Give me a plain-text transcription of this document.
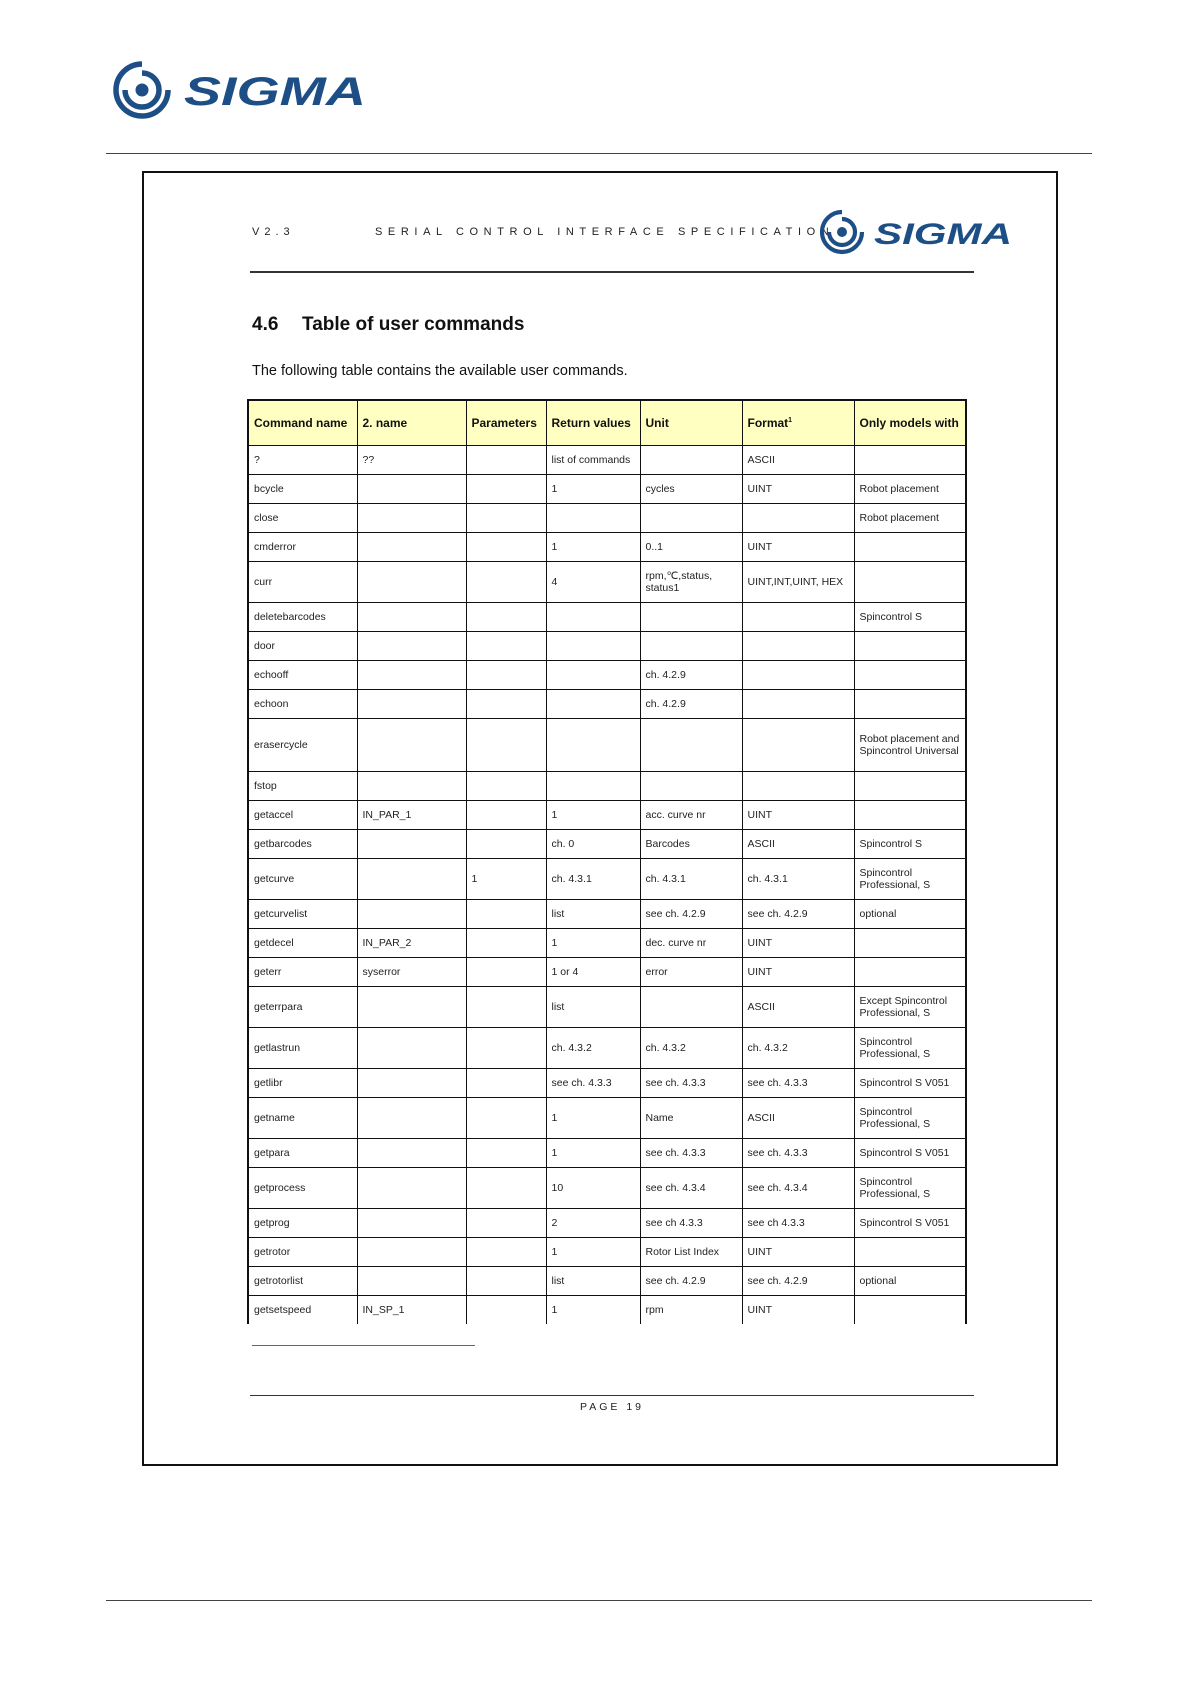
SIGMA
V2.3	SERIAL CONTROL INTERFACE SPECIFICATION SIGMA
4.6 Table of user commands
The following table contains the available user commands.
Command name	2. name	Parameters	Return values	Unit	Format$^1$	Only models with
?	??		list of commands		ASCII	
bcycle			1	cycles	UINT	Robot placement
close						Robot placement
cmderror			1	0..1	UINT	
curr			4	rpm,℃,status, status1	UINT,INT,UINT, HEX	
deletebarcodes						Spincontrol S
door						
echooff				ch. 4.2.9		
echoon				ch. 4.2.9		
erasercycle						Robot placement and Spincontrol Universal
fstop						
getaccel	IN_PAR_1		1	acc. curve nr	UINT	
getbarcodes			ch. 0	Barcodes	ASCII	Spincontrol S
getcurve		1	ch. 4.3.1	ch. 4.3.1	ch. 4.3.1	Spincontrol Professional, S
getcurvelist			list	see ch. 4.2.9	see ch. 4.2.9	optional
getdecel	IN_PAR_2		1	dec. curve nr	UINT	
geterr	syserror		1 or 4	error	UINT	
geterrpara			list		ASCII	Except Spincontrol Professional, S
getlastrun			ch. 4.3.2	ch. 4.3.2	ch. 4.3.2	Spincontrol Professional, S
getlibr			see ch. 4.3.3	see ch. 4.3.3	see ch. 4.3.3	Spincontrol S V051
getname			1	Name	ASCII	Spincontrol Professional, S
getpara			1	see ch. 4.3.3	see ch. 4.3.3	Spincontrol S V051
getprocess			10	see ch. 4.3.4	see ch. 4.3.4	Spincontrol Professional, S
getprog			2	see ch 4.3.3	see ch 4.3.3	Spincontrol S V051
getrotor			1	Rotor List Index	UINT	
getrotorlist			list	see ch. 4.2.9	see ch. 4.2.9	optional
getsetspeed	IN_SP_1		1	rpm	UINT	
PAGE 19
